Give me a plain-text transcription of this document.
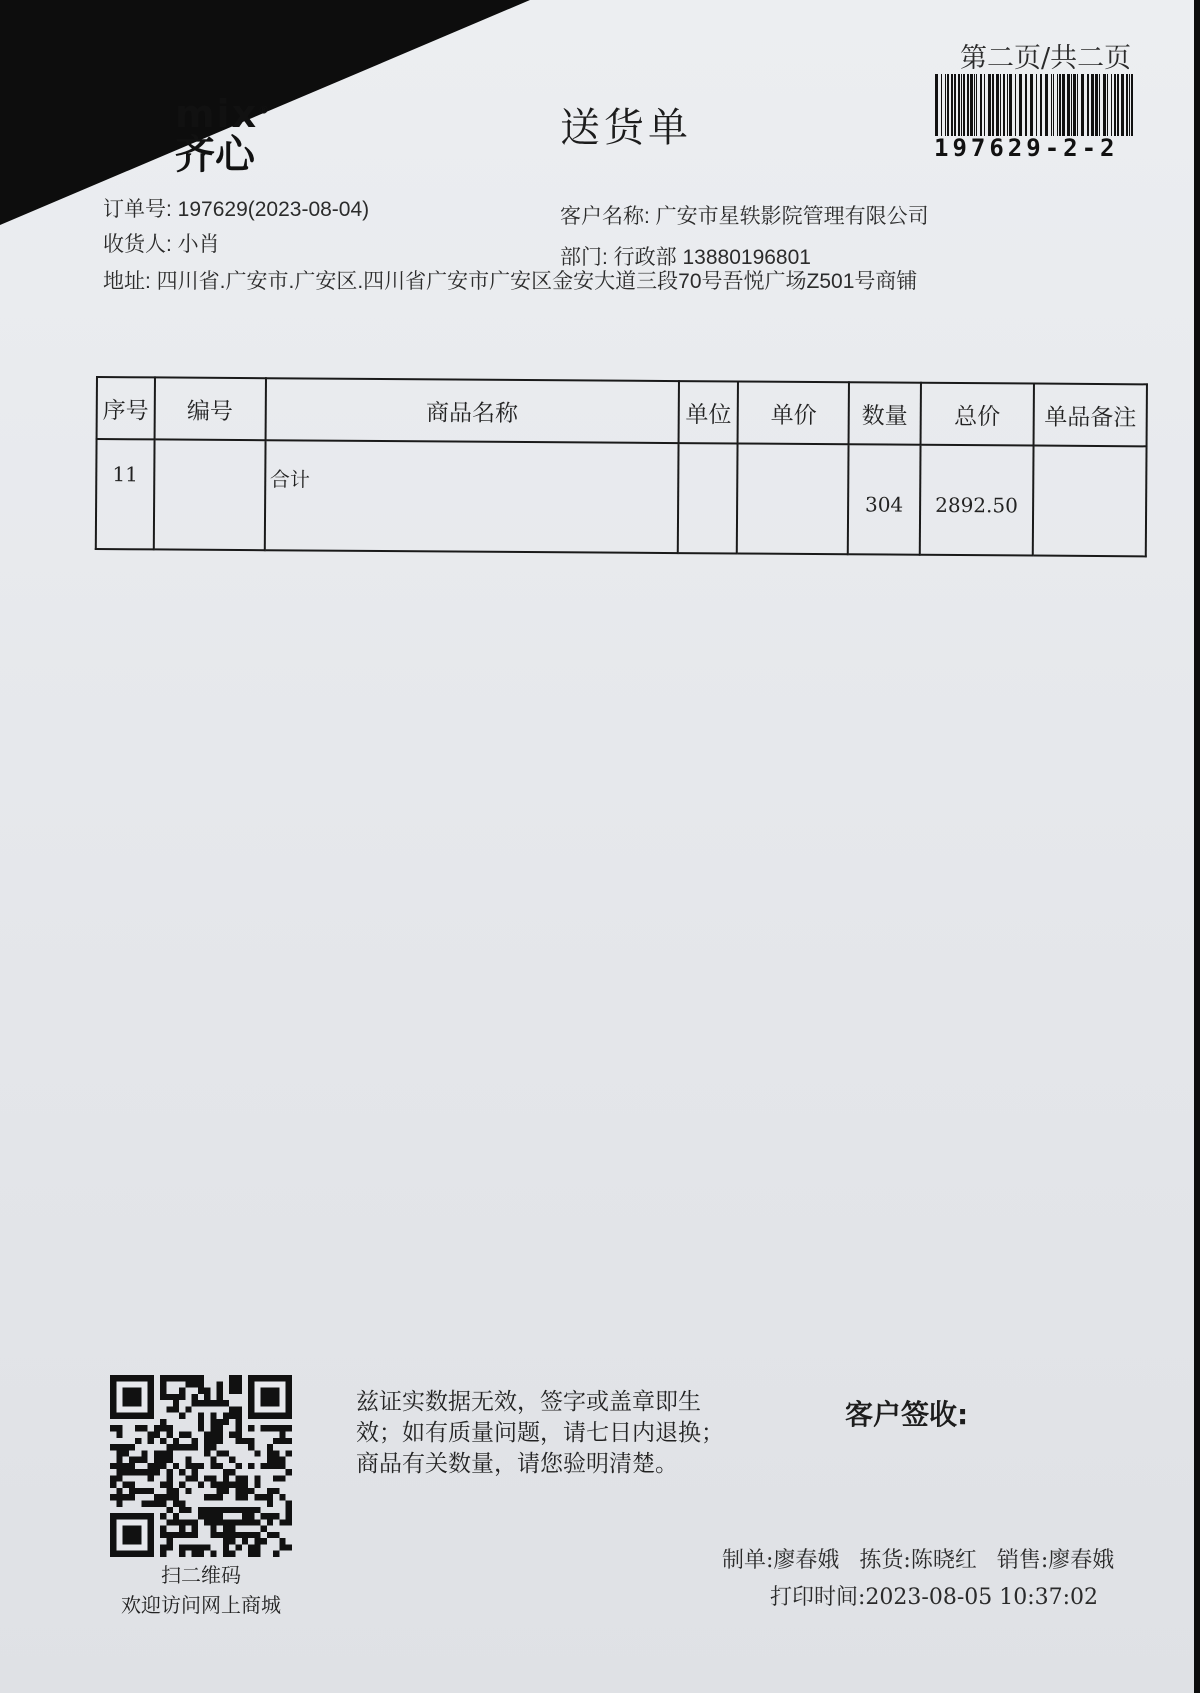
mix®
齐心
送货单
第二页/共二页
197629-2-2
订单号: 197629(2023-08-04)
收货人: 小肖
客户名称: 广安市星轶影院管理有限公司
部门: 行政部 13880196801
地址: 四川省.广安市.广安区.四川省广安市广安区金安大道三段70号吾悦广场Z501号商铺
序号	编号	商品名称	单位	单价	数量	总价	单品备注
11		合计			304	2892.50	
扫二维码
欢迎访问网上商城
兹证实数据无效，签字或盖章即生
效；如有质量问题，请七日内退换；
商品有关数量，请您验明清楚。
客户签收:
制单:廖春娥 拣货:陈晓红 销售:廖春娥
打印时间:2023-08-05 10:37:02
